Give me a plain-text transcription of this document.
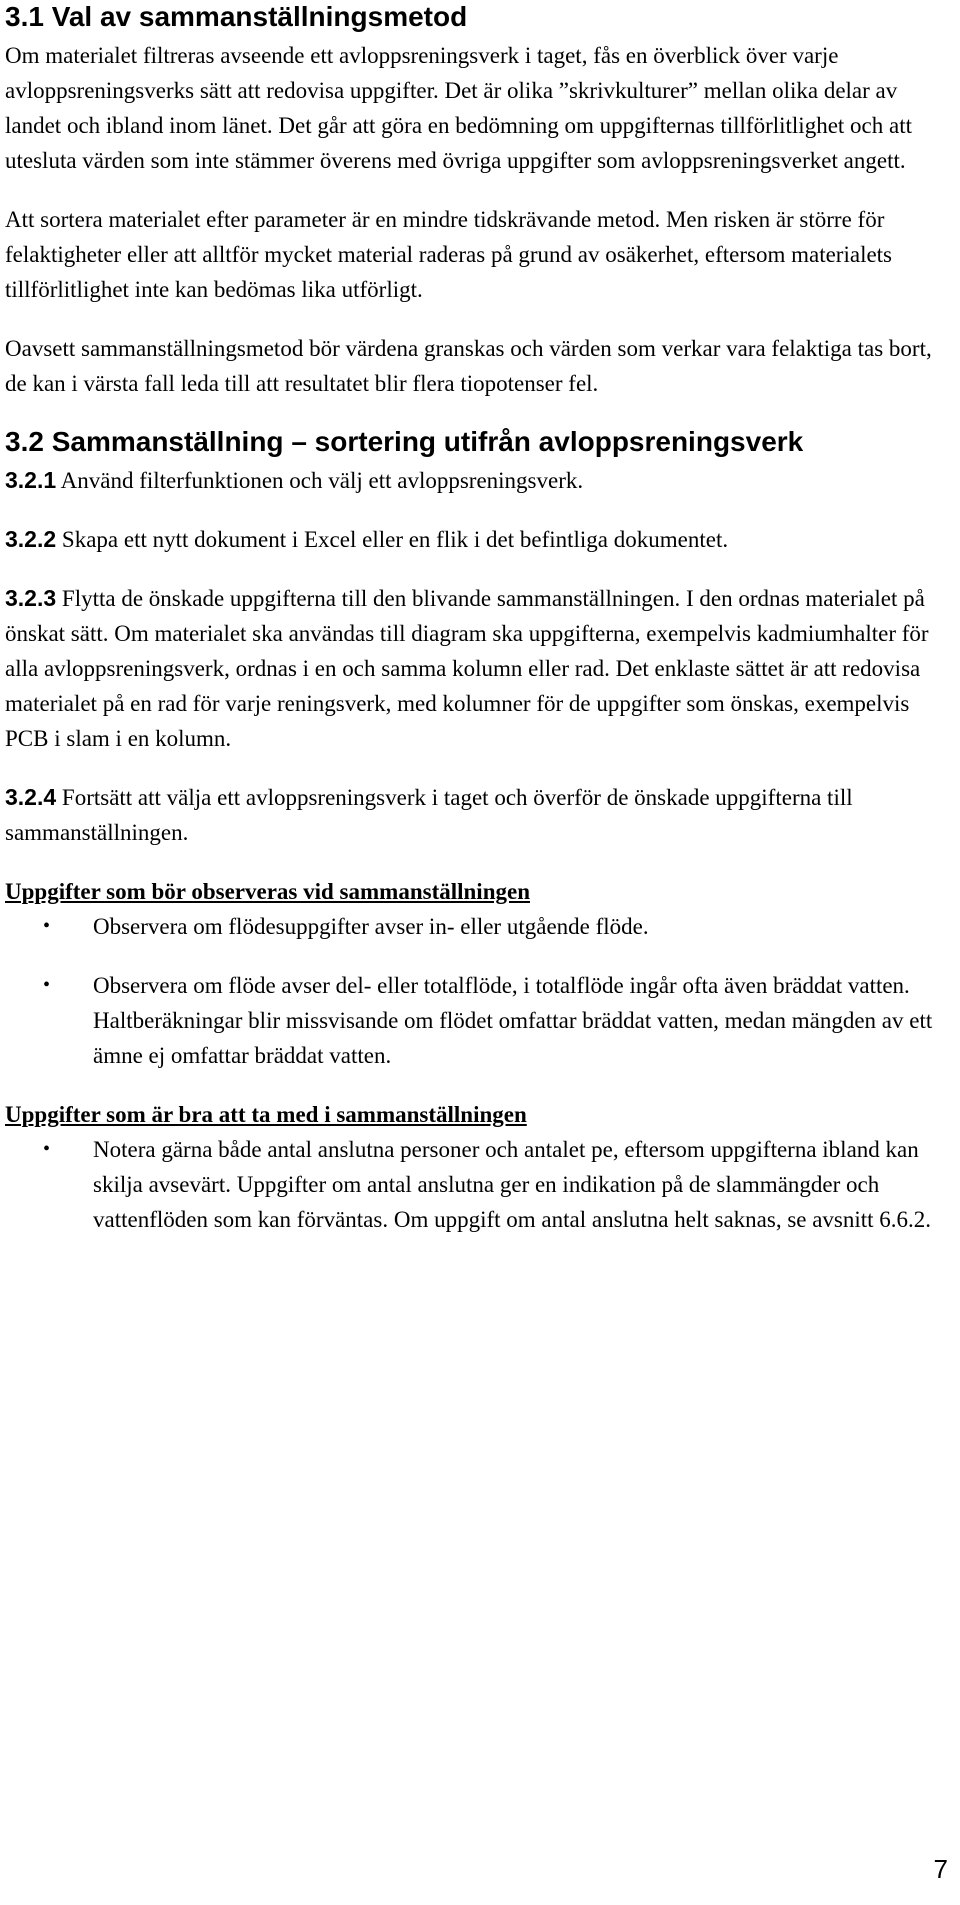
3.1 Val av sammanställningsmetod

Om materialet filtreras avseende ett avloppsreningsverk i taget, fås en överblick över varje avloppsreningsverks sätt att redovisa uppgifter. Det är olika ”skrivkulturer” mellan olika delar av landet och ibland inom länet. Det går att göra en bedömning om uppgifternas tillförlitlighet och att utesluta värden som inte stämmer överens med övriga uppgifter som avloppsreningsverket angett.

Att sortera materialet efter parameter är en mindre tidskrävande metod. Men risken är större för felaktigheter eller att alltför mycket material raderas på grund av osäkerhet, eftersom materialets tillförlitlighet inte kan bedömas lika utförligt.

Oavsett sammanställningsmetod bör värdena granskas och värden som verkar vara felaktiga tas bort, de kan i värsta fall leda till att resultatet blir flera tiopotenser fel.

3.2 Sammanställning – sortering utifrån avloppsreningsverk

3.2.1 Använd filterfunktionen och välj ett avloppsreningsverk.

3.2.2 Skapa ett nytt dokument i Excel eller en flik i det befintliga dokumentet.

3.2.3 Flytta de önskade uppgifterna till den blivande sammanställningen. I den ordnas materialet på önskat sätt. Om materialet ska användas till diagram ska uppgifterna, exempelvis kadmiumhalter för alla avloppsreningsverk, ordnas i en och samma kolumn eller rad. Det enklaste sättet är att redovisa materialet på en rad för varje reningsverk, med kolumner för de uppgifter som önskas, exempelvis PCB i slam i en kolumn.

3.2.4 Fortsätt att välja ett avloppsreningsverk i taget och överför de önskade uppgifterna till sammanställningen.

Uppgifter som bör observeras vid sammanställningen
• Observera om flödesuppgifter avser in- eller utgående flöde.
• Observera om flöde avser del- eller totalflöde, i totalflöde ingår ofta även bräddat vatten. Haltberäkningar blir missvisande om flödet omfattar bräddat vatten, medan mängden av ett ämne ej omfattar bräddat vatten.
Uppgifter som är bra att ta med i sammanställningen
• Notera gärna både antal anslutna personer och antalet pe, eftersom uppgifterna ibland kan skilja avsevärt. Uppgifter om antal anslutna ger en indikation på de slammängder och vattenflöden som kan förväntas. Om uppgift om antal anslutna helt saknas, se avsnitt 6.6.2.
7
